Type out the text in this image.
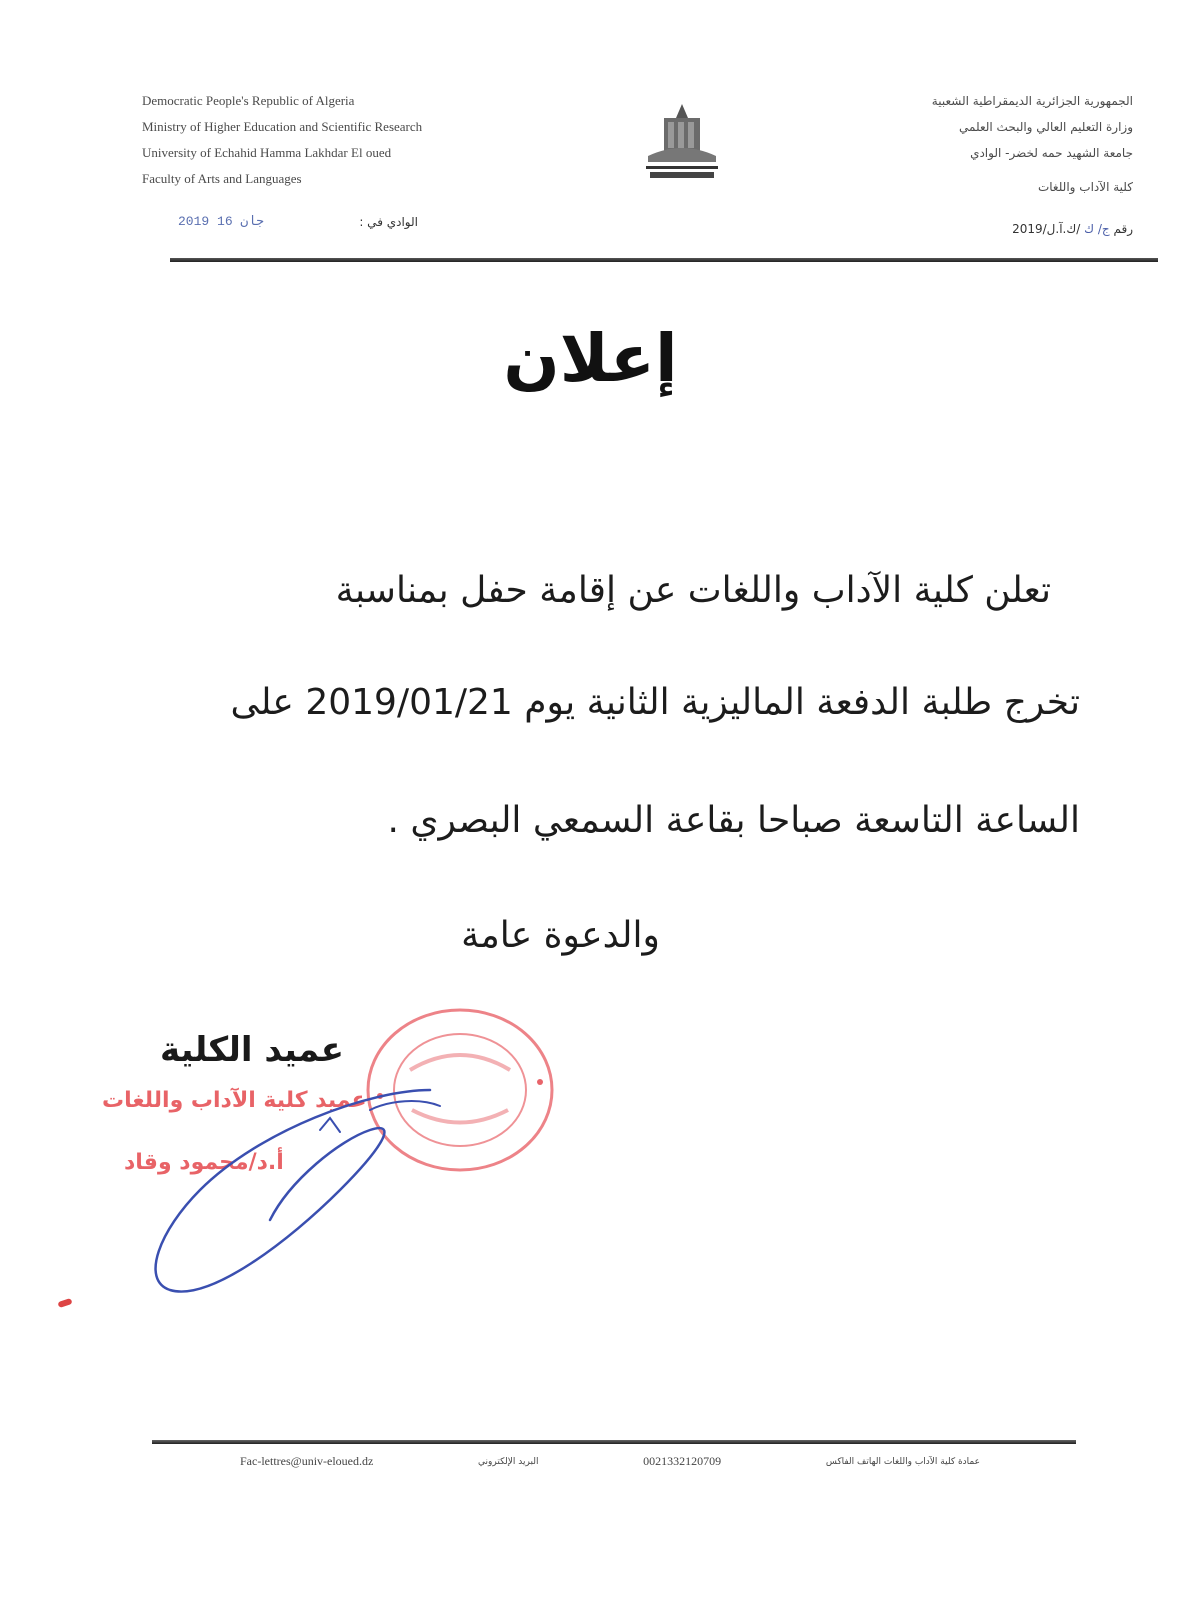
Democratic People's Republic of Algeria
Ministry of Higher Education and Scientific Research
University of Echahid Hamma Lakhdar El oued
Faculty of Arts and Languages
الجمهورية الجزائرية الديمقراطية الشعبية
وزارة التعليم العالي والبحث العلمي
جامعة الشهيد حمه لخضر- الوادي
كلية الآداب واللغات
2019 جان 16	الوادي في :
رقم ج/ ك /ك.آ.ل/2019
إعلان
تعلن كلية الآداب واللغات عن إقامة حفل بمناسبة
تخرج طلبة الدفعة الماليزية الثانية يوم 2019/01/21 على
الساعة التاسعة صباحا بقاعة السمعي البصري .
والدعوة عامة
عميد الكلية
عميد كلية الآداب واللغات
أ.د/محمود وقاد
Fac-lettres@univ-eloued.dz	البريد الإلكتروني	0021332120709	عمادة كلية الآداب واللغات الهاتف الفاكس
